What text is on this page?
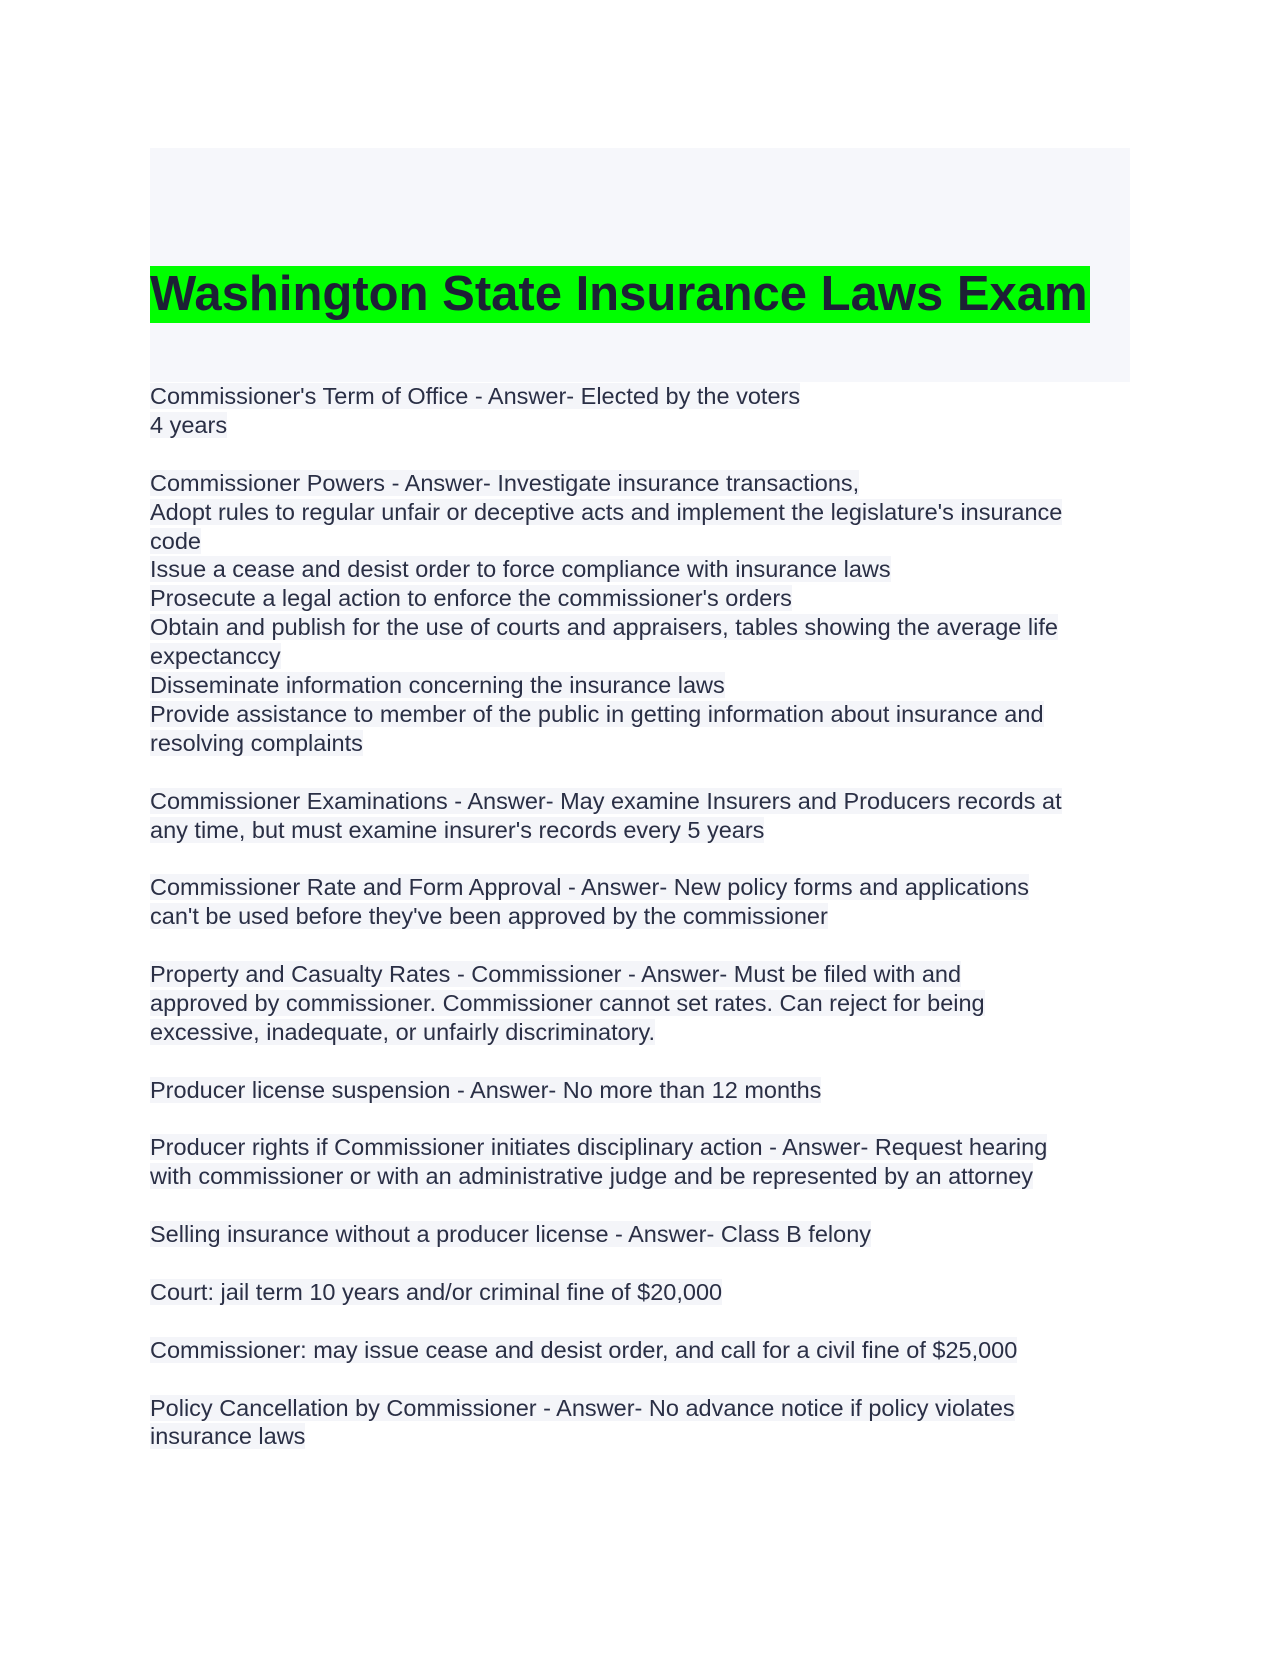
Washington State Insurance Laws Exam
Commissioner's Term of Office - Answer- Elected by the voters
4 years
Commissioner Powers - Answer- Investigate insurance transactions,
Adopt rules to regular unfair or deceptive acts and implement the legislature's insurance
code
Issue a cease and desist order to force compliance with insurance laws
Prosecute a legal action to enforce the commissioner's orders
Obtain and publish for the use of courts and appraisers, tables showing the average life
expectanccy
Disseminate information concerning the insurance laws
Provide assistance to member of the public in getting information about insurance and
resolving complaints
Commissioner Examinations - Answer- May examine Insurers and Producers records at
any time, but must examine insurer's records every 5 years
Commissioner Rate and Form Approval - Answer- New policy forms and applications
can't be used before they've been approved by the commissioner
Property and Casualty Rates - Commissioner - Answer- Must be filed with and
approved by commissioner. Commissioner cannot set rates. Can reject for being
excessive, inadequate, or unfairly discriminatory.
Producer license suspension - Answer- No more than 12 months
Producer rights if Commissioner initiates disciplinary action - Answer- Request hearing
with commissioner or with an administrative judge and be represented by an attorney
Selling insurance without a producer license - Answer- Class B felony
Court: jail term 10 years and/or criminal fine of $20,000
Commissioner: may issue cease and desist order, and call for a civil fine of $25,000
Policy Cancellation by Commissioner - Answer- No advance notice if policy violates
insurance laws
